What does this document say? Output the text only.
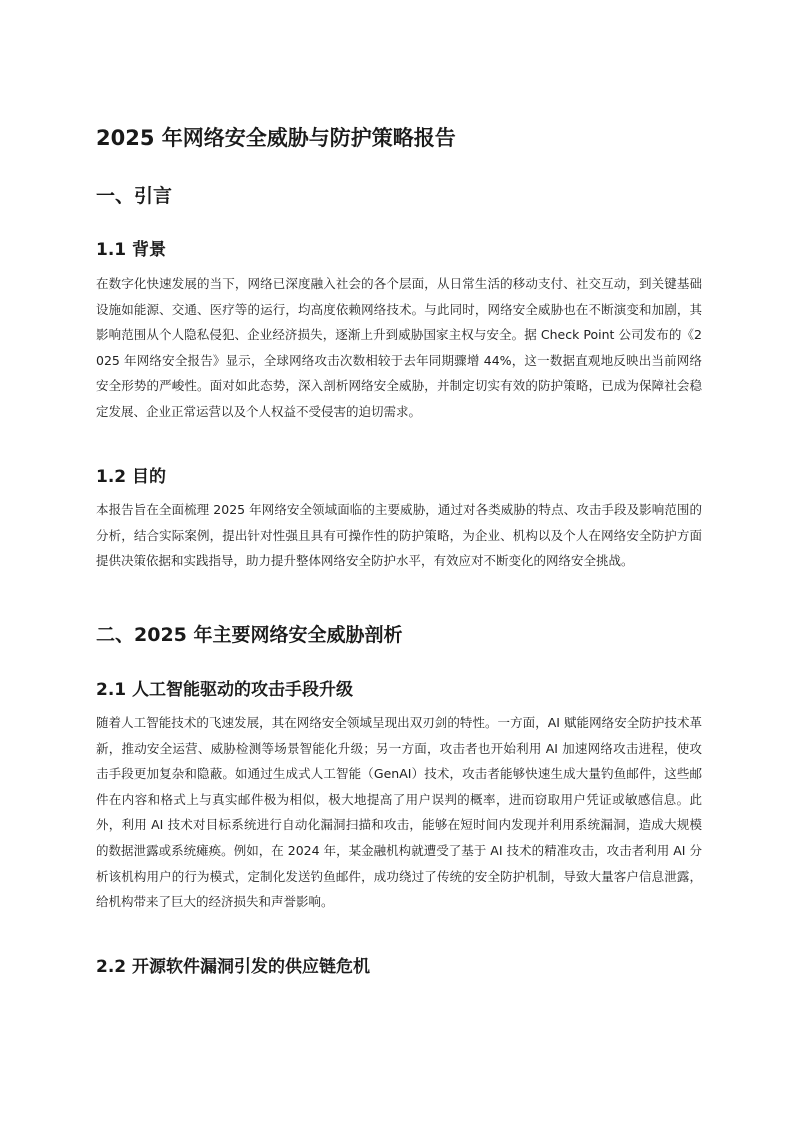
2025 年网络安全威胁与防护策略报告
一、引言
1.1 背景

在数字化快速发展的当下，网络已深度融入社会的各个层面，从日常生活的移动支付、社交互动，到关键基础设施如能源、交通、医疗等的运行，均高度依赖网络技术。与此同时，网络安全威胁也在不断演变和加剧，其影响范围从个人隐私侵犯、企业经济损失，逐渐上升到威胁国家主权与安全。据 Check Point 公司发布的《2025 年网络安全报告》显示，全球网络攻击次数相较于去年同期骤增 44%，这一数据直观地反映出当前网络安全形势的严峻性。面对如此态势，深入剖析网络安全威胁，并制定切实有效的防护策略，已成为保障社会稳定发展、企业正常运营以及个人权益不受侵害的迫切需求。

1.2 目的

本报告旨在全面梳理 2025 年网络安全领域面临的主要威胁，通过对各类威胁的特点、攻击手段及影响范围的分析，结合实际案例，提出针对性强且具有可操作性的防护策略，为企业、机构以及个人在网络安全防护方面提供决策依据和实践指导，助力提升整体网络安全防护水平，有效应对不断变化的网络安全挑战。

二、2025 年主要网络安全威胁剖析
2.1 人工智能驱动的攻击手段升级

随着人工智能技术的飞速发展，其在网络安全领域呈现出双刃剑的特性。一方面，AI 赋能网络安全防护技术革新，推动安全运营、威胁检测等场景智能化升级；另一方面，攻击者也开始利用 AI 加速网络攻击进程，使攻击手段更加复杂和隐蔽。如通过生成式人工智能（GenAI）技术，攻击者能够快速生成大量钓鱼邮件，这些邮件在内容和格式上与真实邮件极为相似，极大地提高了用户误判的概率，进而窃取用户凭证或敏感信息。此外，利用 AI 技术对目标系统进行自动化漏洞扫描和攻击，能够在短时间内发现并利用系统漏洞，造成大规模的数据泄露或系统瘫痪。例如，在 2024 年，某金融机构就遭受了基于 AI 技术的精准攻击，攻击者利用 AI 分析该机构用户的行为模式，定制化发送钓鱼邮件，成功绕过了传统的安全防护机制，导致大量客户信息泄露，给机构带来了巨大的经济损失和声誉影响。

2.2 开源软件漏洞引发的供应链危机
